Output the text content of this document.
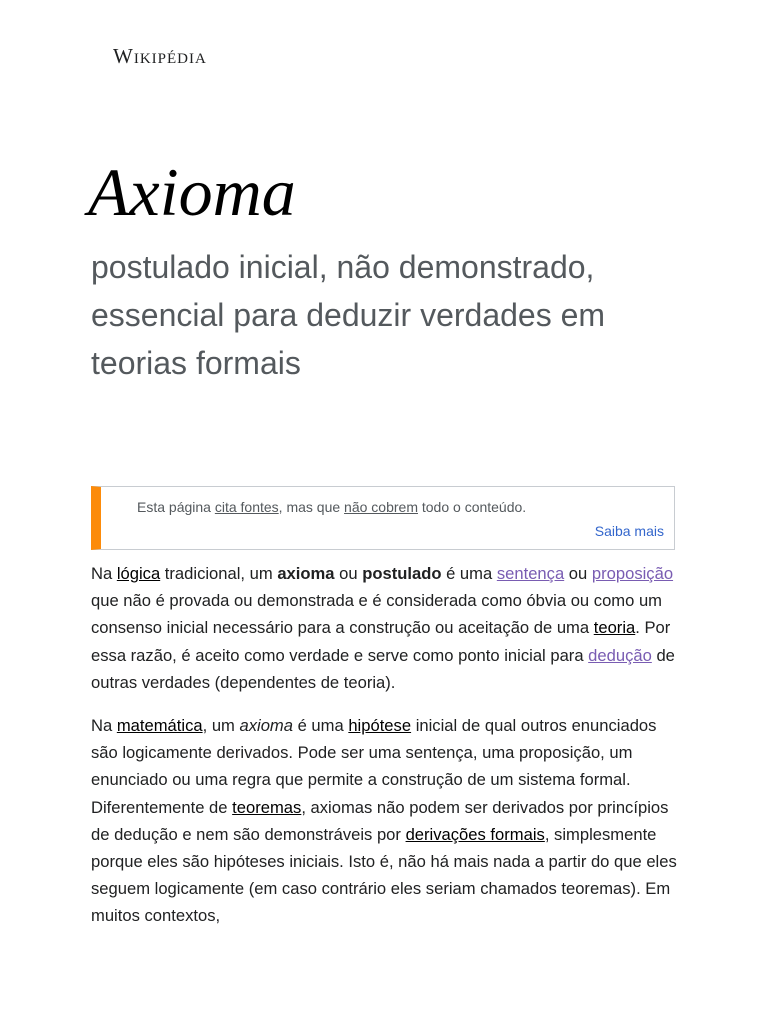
Wikipédia
Axioma
postulado inicial, não demonstrado, essencial para deduzir verdades em teorias formais
Esta página cita fontes, mas que não cobrem todo o conteúdo.
Saiba mais

Na lógica tradicional, um axioma ou postulado é uma sentença ou proposição que não é provada ou demonstrada e é considerada como óbvia ou como um consenso inicial necessário para a construção ou aceitação de uma teoria. Por essa razão, é aceito como verdade e serve como ponto inicial para dedução de outras verdades (dependentes de teoria).

Na matemática, um axioma é uma hipótese inicial de qual outros enunciados são logicamente derivados. Pode ser uma sentença, uma proposição, um enunciado ou uma regra que permite a construção de um sistema formal. Diferentemente de teoremas, axiomas não podem ser derivados por princípios de dedução e nem são demonstráveis por derivações formais, simplesmente porque eles são hipóteses iniciais. Isto é, não há mais nada a partir do que eles seguem logicamente (em caso contrário eles seriam chamados teoremas). Em muitos contextos,
